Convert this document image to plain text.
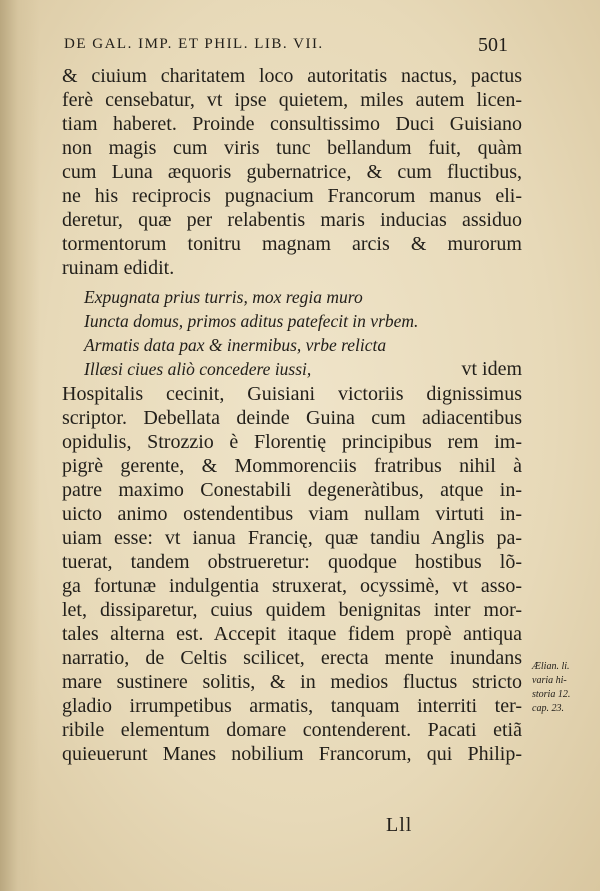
DE GAL. IMP. ET PHIL. LIB. VII.	501
& ciuium charitatem loco autoritatis nactus, pactus
ferè censebatur, vt ipse quietem, miles autem licen-
tiam haberet. Proinde consultissimo Duci Guisiano
non magis cum viris tunc bellandum fuit, quàm
cum Luna æquoris gubernatrice, & cum fluctibus,
ne his reciprocis pugnacium Francorum manus eli-
deretur, quæ per relabentis maris inducias assiduo
tormentorum tonitru magnam arcis & murorum
ruinam edidit.
Expugnata prius turris, mox regia muro
Iuncta domus, primos aditus patefecit in vrbem.
Armatis data pax & inermibus, vrbe relicta
Illæsi ciues aliò concedere iussi,	vt idem
Hospitalis cecinit, Guisiani victoriis dignissimus
scriptor. Debellata deinde Guina cum adiacentibus
opidulis, Strozzio è Florentię principibus rem im-
pigrè gerente, & Mommorenciis fratribus nihil à
patre maximo Conestabili degeneràtibus, atque in-
uicto animo ostendentibus viam nullam virtuti in-
uiam esse: vt ianua Francię, quæ tandiu Anglis pa-
tuerat, tandem obstrueretur: quodque hostibus lõ-
ga fortunæ indulgentia struxerat, ocyssimè, vt asso-
let, dissiparetur, cuius quidem benignitas inter mor-
tales alterna est. Accepit itaque fidem propè antiqua
narratio, de Celtis scilicet, erecta mente inundans
mare sustinere solitis, & in medios fluctus stricto
gladio irrumpetibus armatis, tanquam interriti ter-
ribile elementum domare contenderent. Pacati etiã
quieuerunt Manes nobilium Francorum, qui Philip-
Ælian. li.
varia hi-
storia 12.
cap. 23.
Lll
